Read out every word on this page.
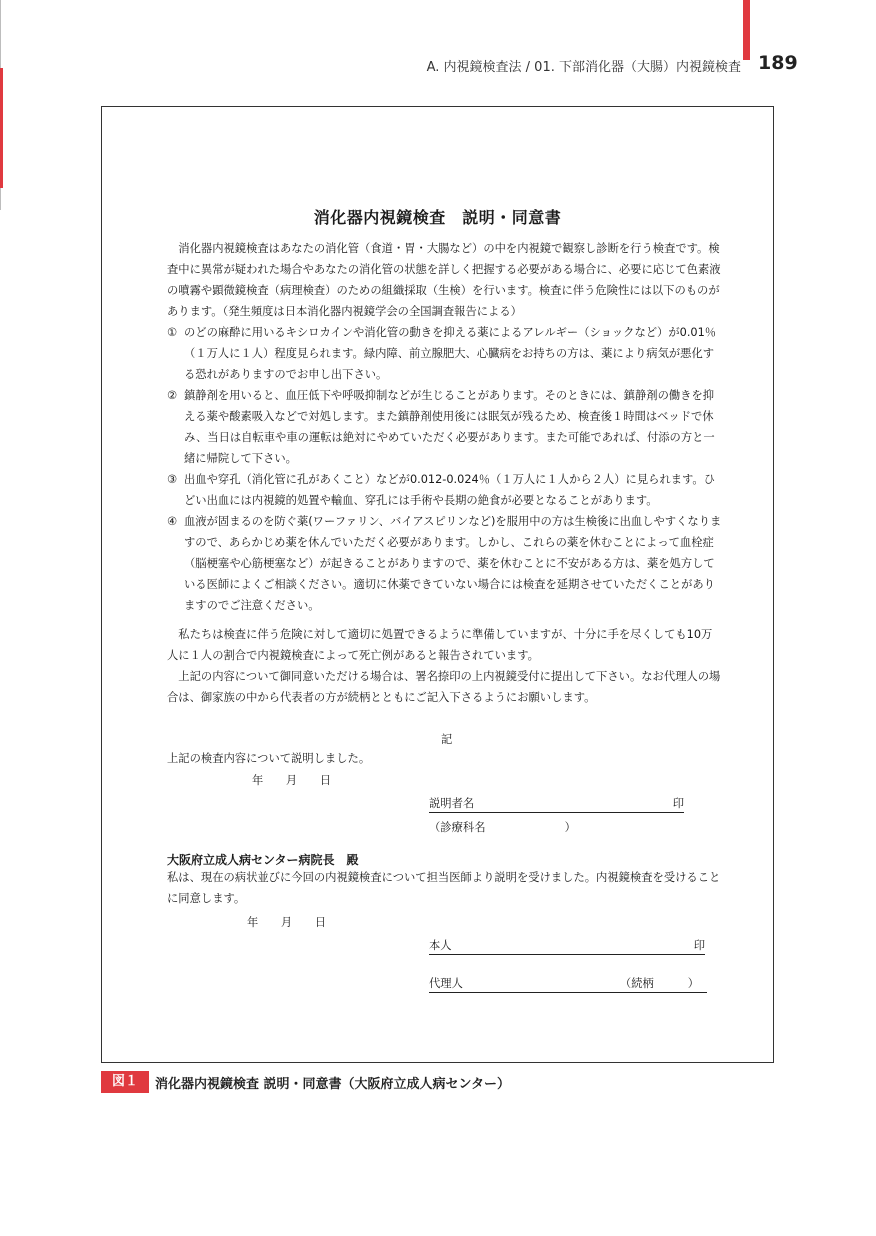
A. 内視鏡検査法 / 01. 下部消化器（大腸）内視鏡検査 189
消化器内視鏡検査　説明・同意書

消化器内視鏡検査はあなたの消化管（食道・胃・大腸など）の中を内視鏡で観察し診断を行う検査です。検査中に異常が疑われた場合やあなたの消化管の状態を詳しく把握する必要がある場合に、必要に応じて色素液の噴霧や顕微鏡検査（病理検査）のための組織採取（生検）を行います。検査に伴う危険性には以下のものがあります。（発生頻度は日本消化器内視鏡学会の全国調査報告による）

① のどの麻酔に用いるキシロカインや消化管の動きを抑える薬によるアレルギー（ショックなど）が0.01％（１万人に１人）程度見られます。緑内障、前立腺肥大、心臓病をお持ちの方は、薬により病気が悪化する恐れがありますのでお申し出下さい。
② 鎮静剤を用いると、血圧低下や呼吸抑制などが生じることがあります。そのときには、鎮静剤の働きを抑える薬や酸素吸入などで対処します。また鎮静剤使用後には眠気が残るため、検査後１時間はベッドで休み、当日は自転車や車の運転は絶対にやめていただく必要があります。また可能であれば、付添の方と一緒に帰院して下さい。
③ 出血や穿孔（消化管に孔があくこと）などが0.012-0.024％（１万人に１人から２人）に見られます。ひどい出血には内視鏡的処置や輸血、穿孔には手術や長期の絶食が必要となることがあります。
④ 血液が固まるのを防ぐ薬(ワーファリン、バイアスピリンなど)を服用中の方は生検後に出血しやすくなりますので、あらかじめ薬を休んでいただく必要があります。しかし、これらの薬を休むことによって血栓症（脳梗塞や心筋梗塞など）が起きることがありますので、薬を休むことに不安がある方は、薬を処方している医師によくご相談ください。適切に休薬できていない場合には検査を延期させていただくことがありますのでご注意ください。

私たちは検査に伴う危険に対して適切に処置できるように準備していますが、十分に手を尽くしても10万人に１人の割合で内視鏡検査によって死亡例があると報告されています。

上記の内容について御同意いただける場合は、署名捺印の上内視鏡受付に提出して下さい。なお代理人の場合は、御家族の中から代表者の方が続柄とともにご記入下さるようにお願いします。

記
上記の検査内容について説明しました。
年　　月　　日
説明者名	印
（診療科名　　　　　　　）
大阪府立成人病センター病院長　殿
私は、現在の病状並びに今回の内視鏡検査について担当医師より説明を受けました。内視鏡検査を受けることに同意します。
年　　月　　日
本人	印
代理人	（続柄　　　）
図１	消化器内視鏡検査 説明・同意書（大阪府立成人病センター）
